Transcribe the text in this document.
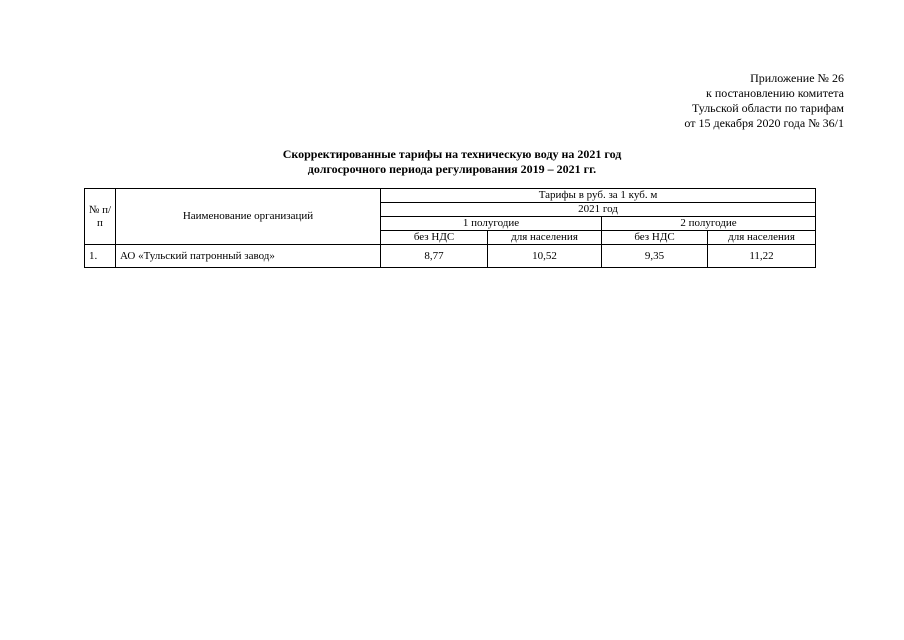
Приложение № 26
к постановлению комитета
Тульской области по тарифам
от 15 декабря 2020 года № 36/1
Скорректированные тарифы на техническую воду на 2021 год
долгосрочного периода регулирования 2019 – 2021 гг.
№ п/п	Наименование организаций	Тарифы в руб. за 1 куб. м			
		2021 год			
		1 полугодие		2 полугодие	
		без НДС	для населения	без НДС	для населения
1.	АО «Тульский патронный завод»	8,77	10,52	9,35	11,22
